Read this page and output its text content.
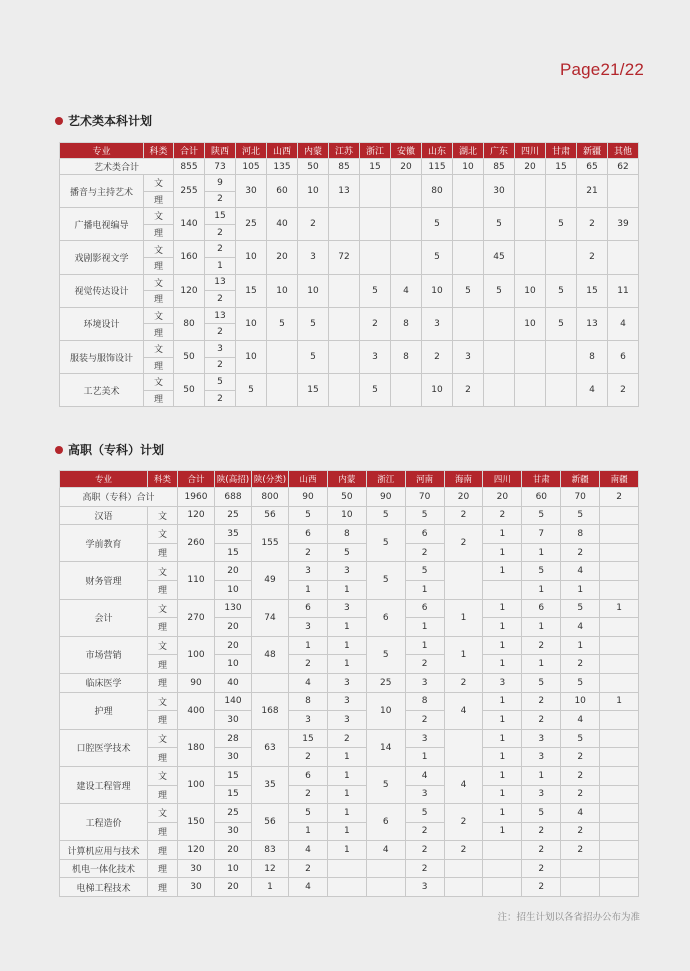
Page21/22
艺术类本科计划
专业	科类	合计	陕西	河北	山西	内蒙	江苏	浙江	安徽	山东	湖北	广东	四川	甘肃	新疆	其他
艺术类合计		855	73	105	135	50	85	15	20	115	10	85	20	15	65	62
播音与主持艺术	文	255	9	30	60	10	13			80		30			21	
	理		2													
广播电视编导	文	140	15	25	40	2				5		5		5	2	39
	理		2													
戏剧影视文学	文	160	2	10	20	3	72			5		45			2	
	理		1													
视觉传达设计	文	120	13	15	10	10		5	4	10	5	5	10	5	15	11
	理		2													
环境设计	文	80	13	10	5	5		2	8	3			10	5	13	4
	理		2													
服装与服饰设计	文	50	3	10		5		3	8	2	3				8	6
	理		2													
工艺美术	文	50	5	5		15		5		10	2				4	2
	理		2													
高职（专科）计划
专业	科类	合计	陕(高招)	陕(分类)	山西	内蒙	浙江	河南	海南	四川	甘肃	新疆	南疆
高职（专科）合计		1960	688	800	90	50	90	70	20	20	60	70	2
汉语	文	120	25	56	5	10	5	5	2	2	5	5	
学前教育	文	260	35	155	6	8	5	6	2	1	7	8	
	理		15		2	5		2		1	1	2	
财务管理	文	110	20	49	3	3	5	5		1	5	4	
	理		10		1	1		1			1	1	
会计	文	270	130	74	6	3	6	6	1	1	6	5	1
	理		20		3	1		1		1	1	4	
市场营销	文	100	20	48	1	1	5	1	1	1	2	1	
	理		10		2	1		2		1	1	2	
临床医学	理	90	40		4	3	25	3	2	3	5	5	
护理	文	400	140	168	8	3	10	8	4	1	2	10	1
	理		30		3	3		2		1	2	4	
口腔医学技术	文	180	28	63	15	2	14	3		1	3	5	
	理		30		2	1		1		1	3	2	
建设工程管理	文	100	15	35	6	1	5	4	4	1	1	2	
	理		15		2	1		3		1	3	2	
工程造价	文	150	25	56	5	1	6	5	2	1	5	4	
	理		30		1	1		2		1	2	2	
计算机应用与技术	理	120	20	83	4	1	4	2	2		2	2	
机电一体化技术	理	30	10	12	2			2			2		
电梯工程技术	理	30	20	1	4			3			2		
注：招生计划以各省招办公布为准
